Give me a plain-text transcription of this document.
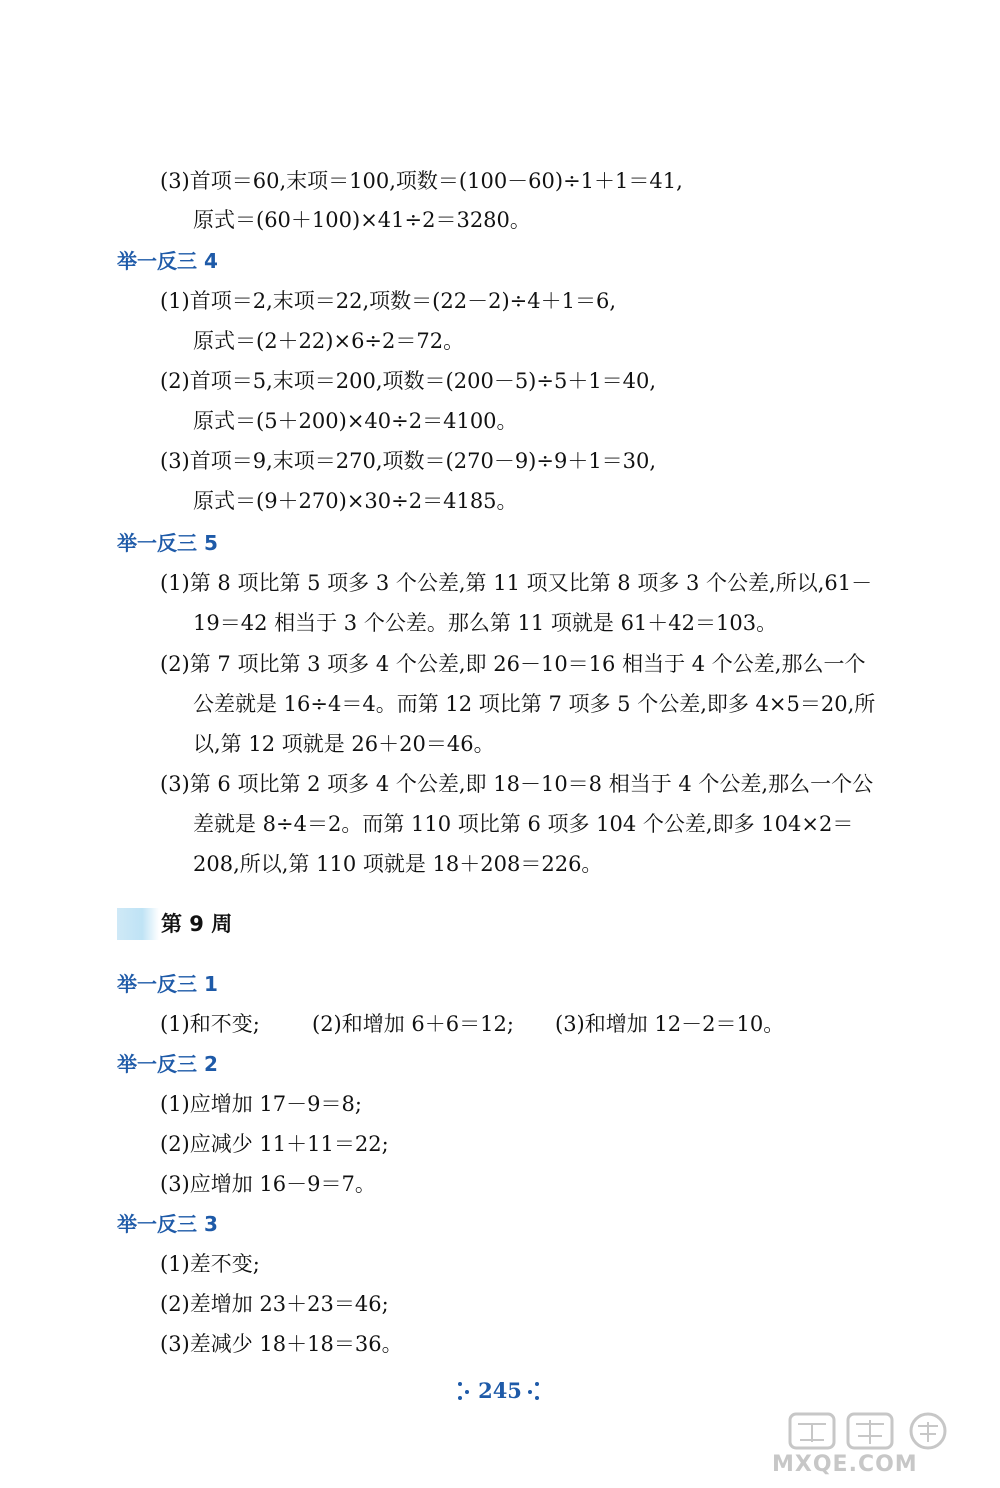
(3)首项＝60,末项＝100,项数＝(100－60)÷1＋1＝41,
原式＝(60＋100)×41÷2＝3280。
举一反三 4
(1)首项＝2,末项＝22,项数＝(22－2)÷4＋1＝6,
原式＝(2＋22)×6÷2＝72。
(2)首项＝5,末项＝200,项数＝(200－5)÷5＋1＝40,
原式＝(5＋200)×40÷2＝4100。
(3)首项＝9,末项＝270,项数＝(270－9)÷9＋1＝30,
原式＝(9＋270)×30÷2＝4185。
举一反三 5
(1)第 8 项比第 5 项多 3 个公差,第 11 项又比第 8 项多 3 个公差,所以,61－
19＝42 相当于 3 个公差。那么第 11 项就是 61＋42＝103。
(2)第 7 项比第 3 项多 4 个公差,即 26－10＝16 相当于 4 个公差,那么一个
公差就是 16÷4＝4。而第 12 项比第 7 项多 5 个公差,即多 4×5＝20,所
以,第 12 项就是 26＋20＝46。
(3)第 6 项比第 2 项多 4 个公差,即 18－10＝8 相当于 4 个公差,那么一个公
差就是 8÷4＝2。而第 110 项比第 6 项多 104 个公差,即多 104×2＝
208,所以,第 110 项就是 18＋208＝226。
第 9 周
举一反三 1
(1)和不变; (2)和增加 6＋6＝12; (3)和增加 12－2＝10。
举一反三 2
(1)应增加 17－9＝8;
(2)应减少 11＋11＝22;
(3)应增加 16－9＝7。
举一反三 3
(1)差不变;
(2)差增加 23＋23＝46;
(3)差减少 18＋18＝36。
245
MXQE.COM
